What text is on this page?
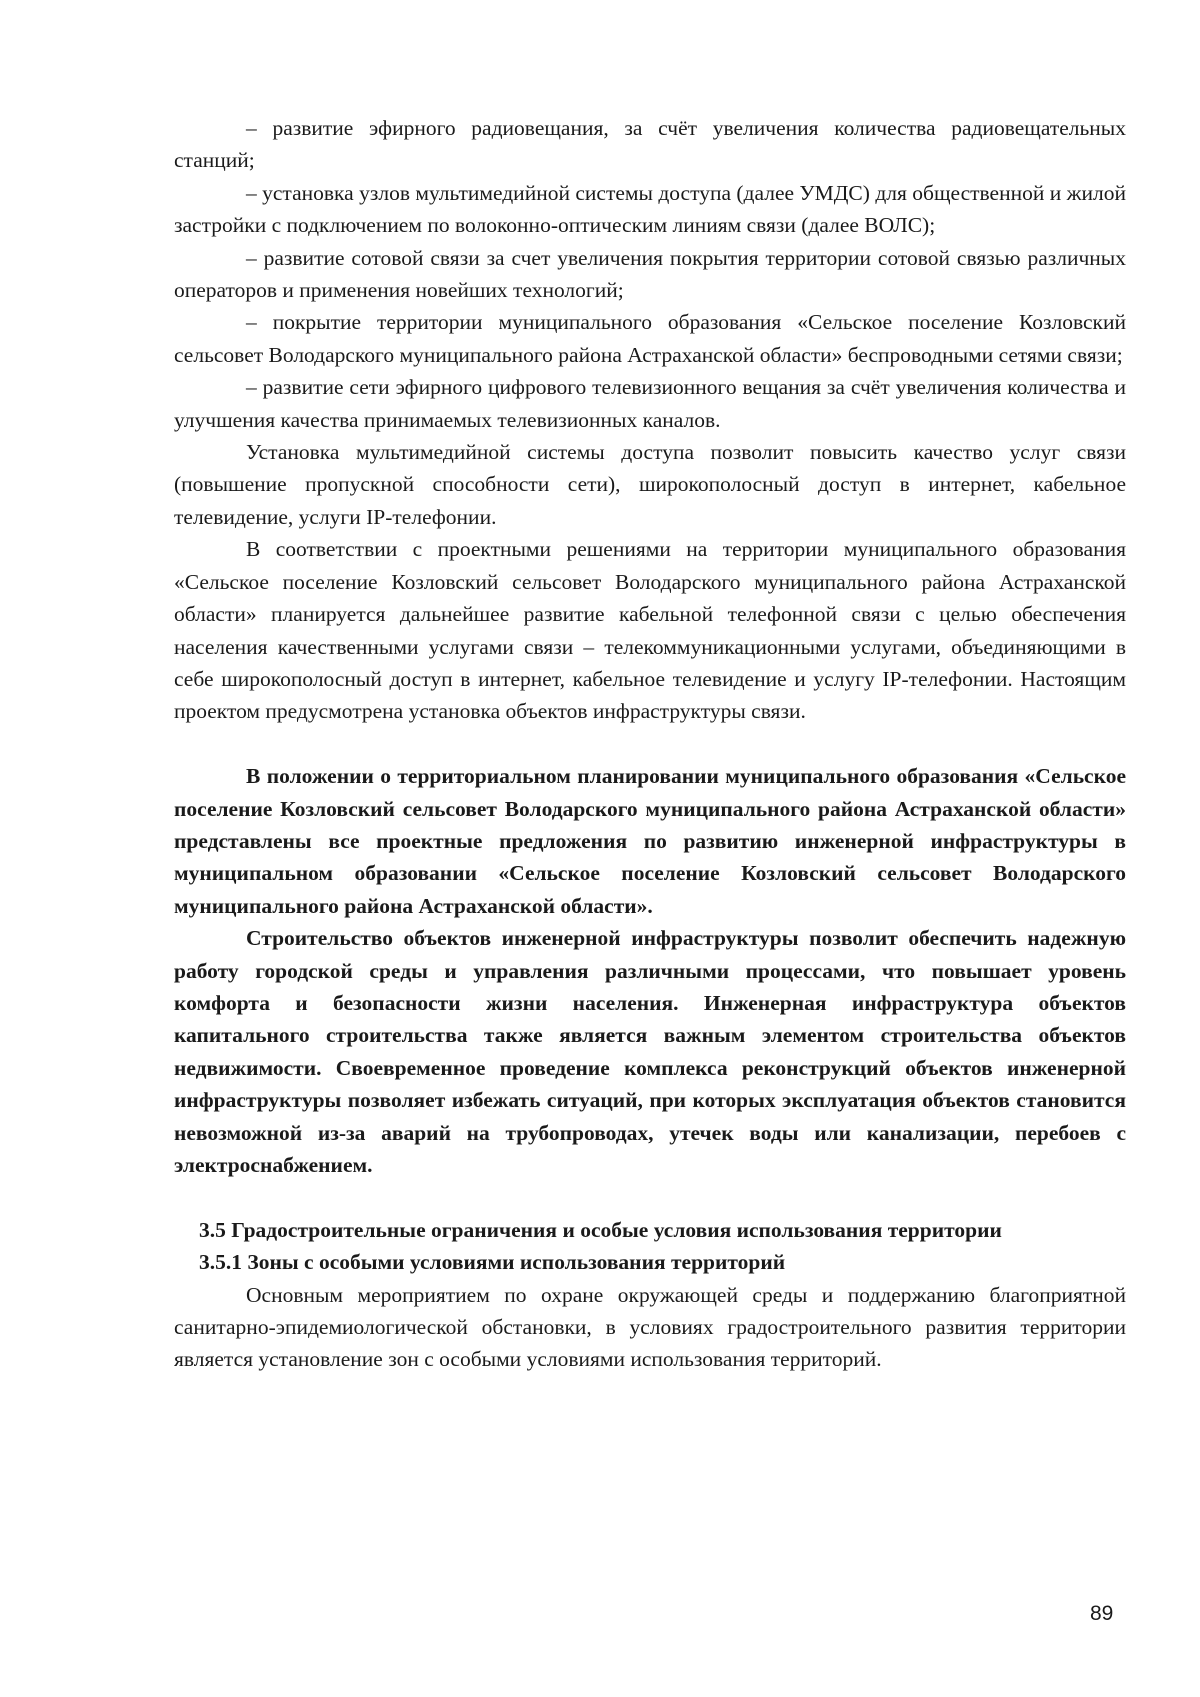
– развитие эфирного радиовещания, за счёт увеличения количества радиовещательных станций;

– установка узлов мультимедийной системы доступа (далее УМДС) для общественной и жилой застройки с подключением по волоконно-оптическим линиям связи (далее ВОЛС);

– развитие сотовой связи за счет увеличения покрытия территории сотовой связью различных операторов и применения новейших технологий;

– покрытие территории муниципального образования «Сельское поселение Козловский сельсовет Володарского муниципального района Астраханской области» беспроводными сетями связи;

– развитие сети эфирного цифрового телевизионного вещания за счёт увеличения количества и улучшения качества принимаемых телевизионных каналов.

Установка мультимедийной системы доступа позволит повысить качество услуг связи (повышение пропускной способности сети), широкополосный доступ в интернет, кабельное телевидение, услуги IP-телефонии.

В соответствии с проектными решениями на территории муниципального образования «Сельское поселение Козловский сельсовет Володарского муниципального района Астраханской области» планируется дальнейшее развитие кабельной телефонной связи с целью обеспечения населения качественными услугами связи – телекоммуникационными услугами, объединяющими в себе широкополосный доступ в интернет, кабельное телевидение и услугу IP-телефонии. Настоящим проектом предусмотрена установка объектов инфраструктуры связи.

В положении о территориальном планировании муниципального образования «Сельское поселение Козловский сельсовет Володарского муниципального района Астраханской области» представлены все проектные предложения по развитию инженерной инфраструктуры в муниципальном образовании «Сельское поселение Козловский сельсовет Володарского муниципального района Астраханской области».

Строительство объектов инженерной инфраструктуры позволит обеспечить надежную работу городской среды и управления различными процессами, что повышает уровень комфорта и безопасности жизни населения. Инженерная инфраструктура объектов капитального строительства также является важным элементом строительства объектов недвижимости. Своевременное проведение комплекса реконструкций объектов инженерной инфраструктуры позволяет избежать ситуаций, при которых эксплуатация объектов становится невозможной из-за аварий на трубопроводах, утечек воды или канализации, перебоев с электроснабжением.

3.5 Градостроительные ограничения и особые условия использования территории

3.5.1 Зоны с особыми условиями использования территорий

Основным мероприятием по охране окружающей среды и поддержанию благоприятной санитарно-эпидемиологической обстановки, в условиях градостроительного развития территории является установление зон с особыми условиями использования территорий.

89
